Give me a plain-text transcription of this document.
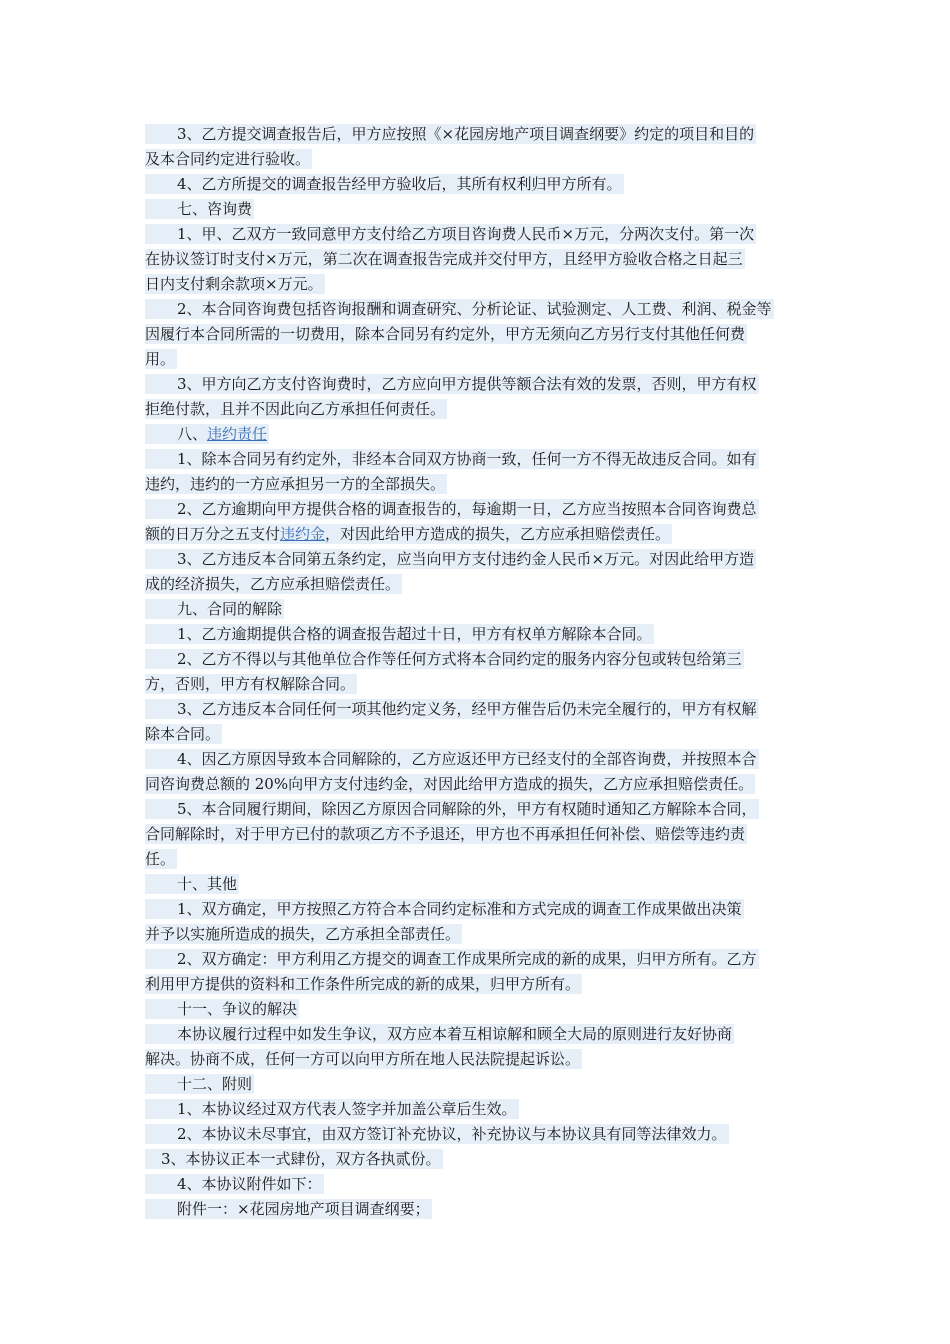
3、乙方提交调查报告后，甲方应按照《×花园房地产项目调查纲要》约定的项目和目的
及本合同约定进行验收。
4、乙方所提交的调查报告经甲方验收后，其所有权利归甲方所有。
七、咨询费
1、甲、乙双方一致同意甲方支付给乙方项目咨询费人民币×万元，分两次支付。第一次
在协议签订时支付×万元，第二次在调查报告完成并交付甲方，且经甲方验收合格之日起三
日内支付剩余款项×万元。
2、本合同咨询费包括咨询报酬和调查研究、分析论证、试验测定、人工费、利润、税金等
因履行本合同所需的一切费用，除本合同另有约定外，甲方无须向乙方另行支付其他任何费
用。
3、甲方向乙方支付咨询费时，乙方应向甲方提供等额合法有效的发票，否则，甲方有权
拒绝付款，且并不因此向乙方承担任何责任。
八、违约责任
1、除本合同另有约定外，非经本合同双方协商一致，任何一方不得无故违反合同。如有
违约，违约的一方应承担另一方的全部损失。
2、乙方逾期向甲方提供合格的调查报告的，每逾期一日，乙方应当按照本合同咨询费总
额的日万分之五支付违约金，对因此给甲方造成的损失，乙方应承担赔偿责任。
3、乙方违反本合同第五条约定，应当向甲方支付违约金人民币×万元。对因此给甲方造
成的经济损失，乙方应承担赔偿责任。
九、合同的解除
1、乙方逾期提供合格的调查报告超过十日，甲方有权单方解除本合同。
2、乙方不得以与其他单位合作等任何方式将本合同约定的服务内容分包或转包给第三
方，否则，甲方有权解除合同。
3、乙方违反本合同任何一项其他约定义务，经甲方催告后仍未完全履行的，甲方有权解
除本合同。
4、因乙方原因导致本合同解除的，乙方应返还甲方已经支付的全部咨询费，并按照本合
同咨询费总额的 20%向甲方支付违约金，对因此给甲方造成的损失，乙方应承担赔偿责任。
5、本合同履行期间，除因乙方原因合同解除的外，甲方有权随时通知乙方解除本合同，
合同解除时，对于甲方已付的款项乙方不予退还，甲方也不再承担任何补偿、赔偿等违约责
任。
十、其他
1、双方确定，甲方按照乙方符合本合同约定标准和方式完成的调查工作成果做出决策
并予以实施所造成的损失，乙方承担全部责任。
2、双方确定：甲方利用乙方提交的调查工作成果所完成的新的成果，归甲方所有。乙方
利用甲方提供的资料和工作条件所完成的新的成果，归甲方所有。
十一、争议的解决
本协议履行过程中如发生争议，双方应本着互相谅解和顾全大局的原则进行友好协商
解决。协商不成，任何一方可以向甲方所在地人民法院提起诉讼。
十二、附则
1、本协议经过双方代表人签字并加盖公章后生效。
2、本协议未尽事宜，由双方签订补充协议，补充协议与本协议具有同等法律效力。
3、本协议正本一式肆份，双方各执贰份。
4、本协议附件如下：
附件一：×花园房地产项目调查纲要；
